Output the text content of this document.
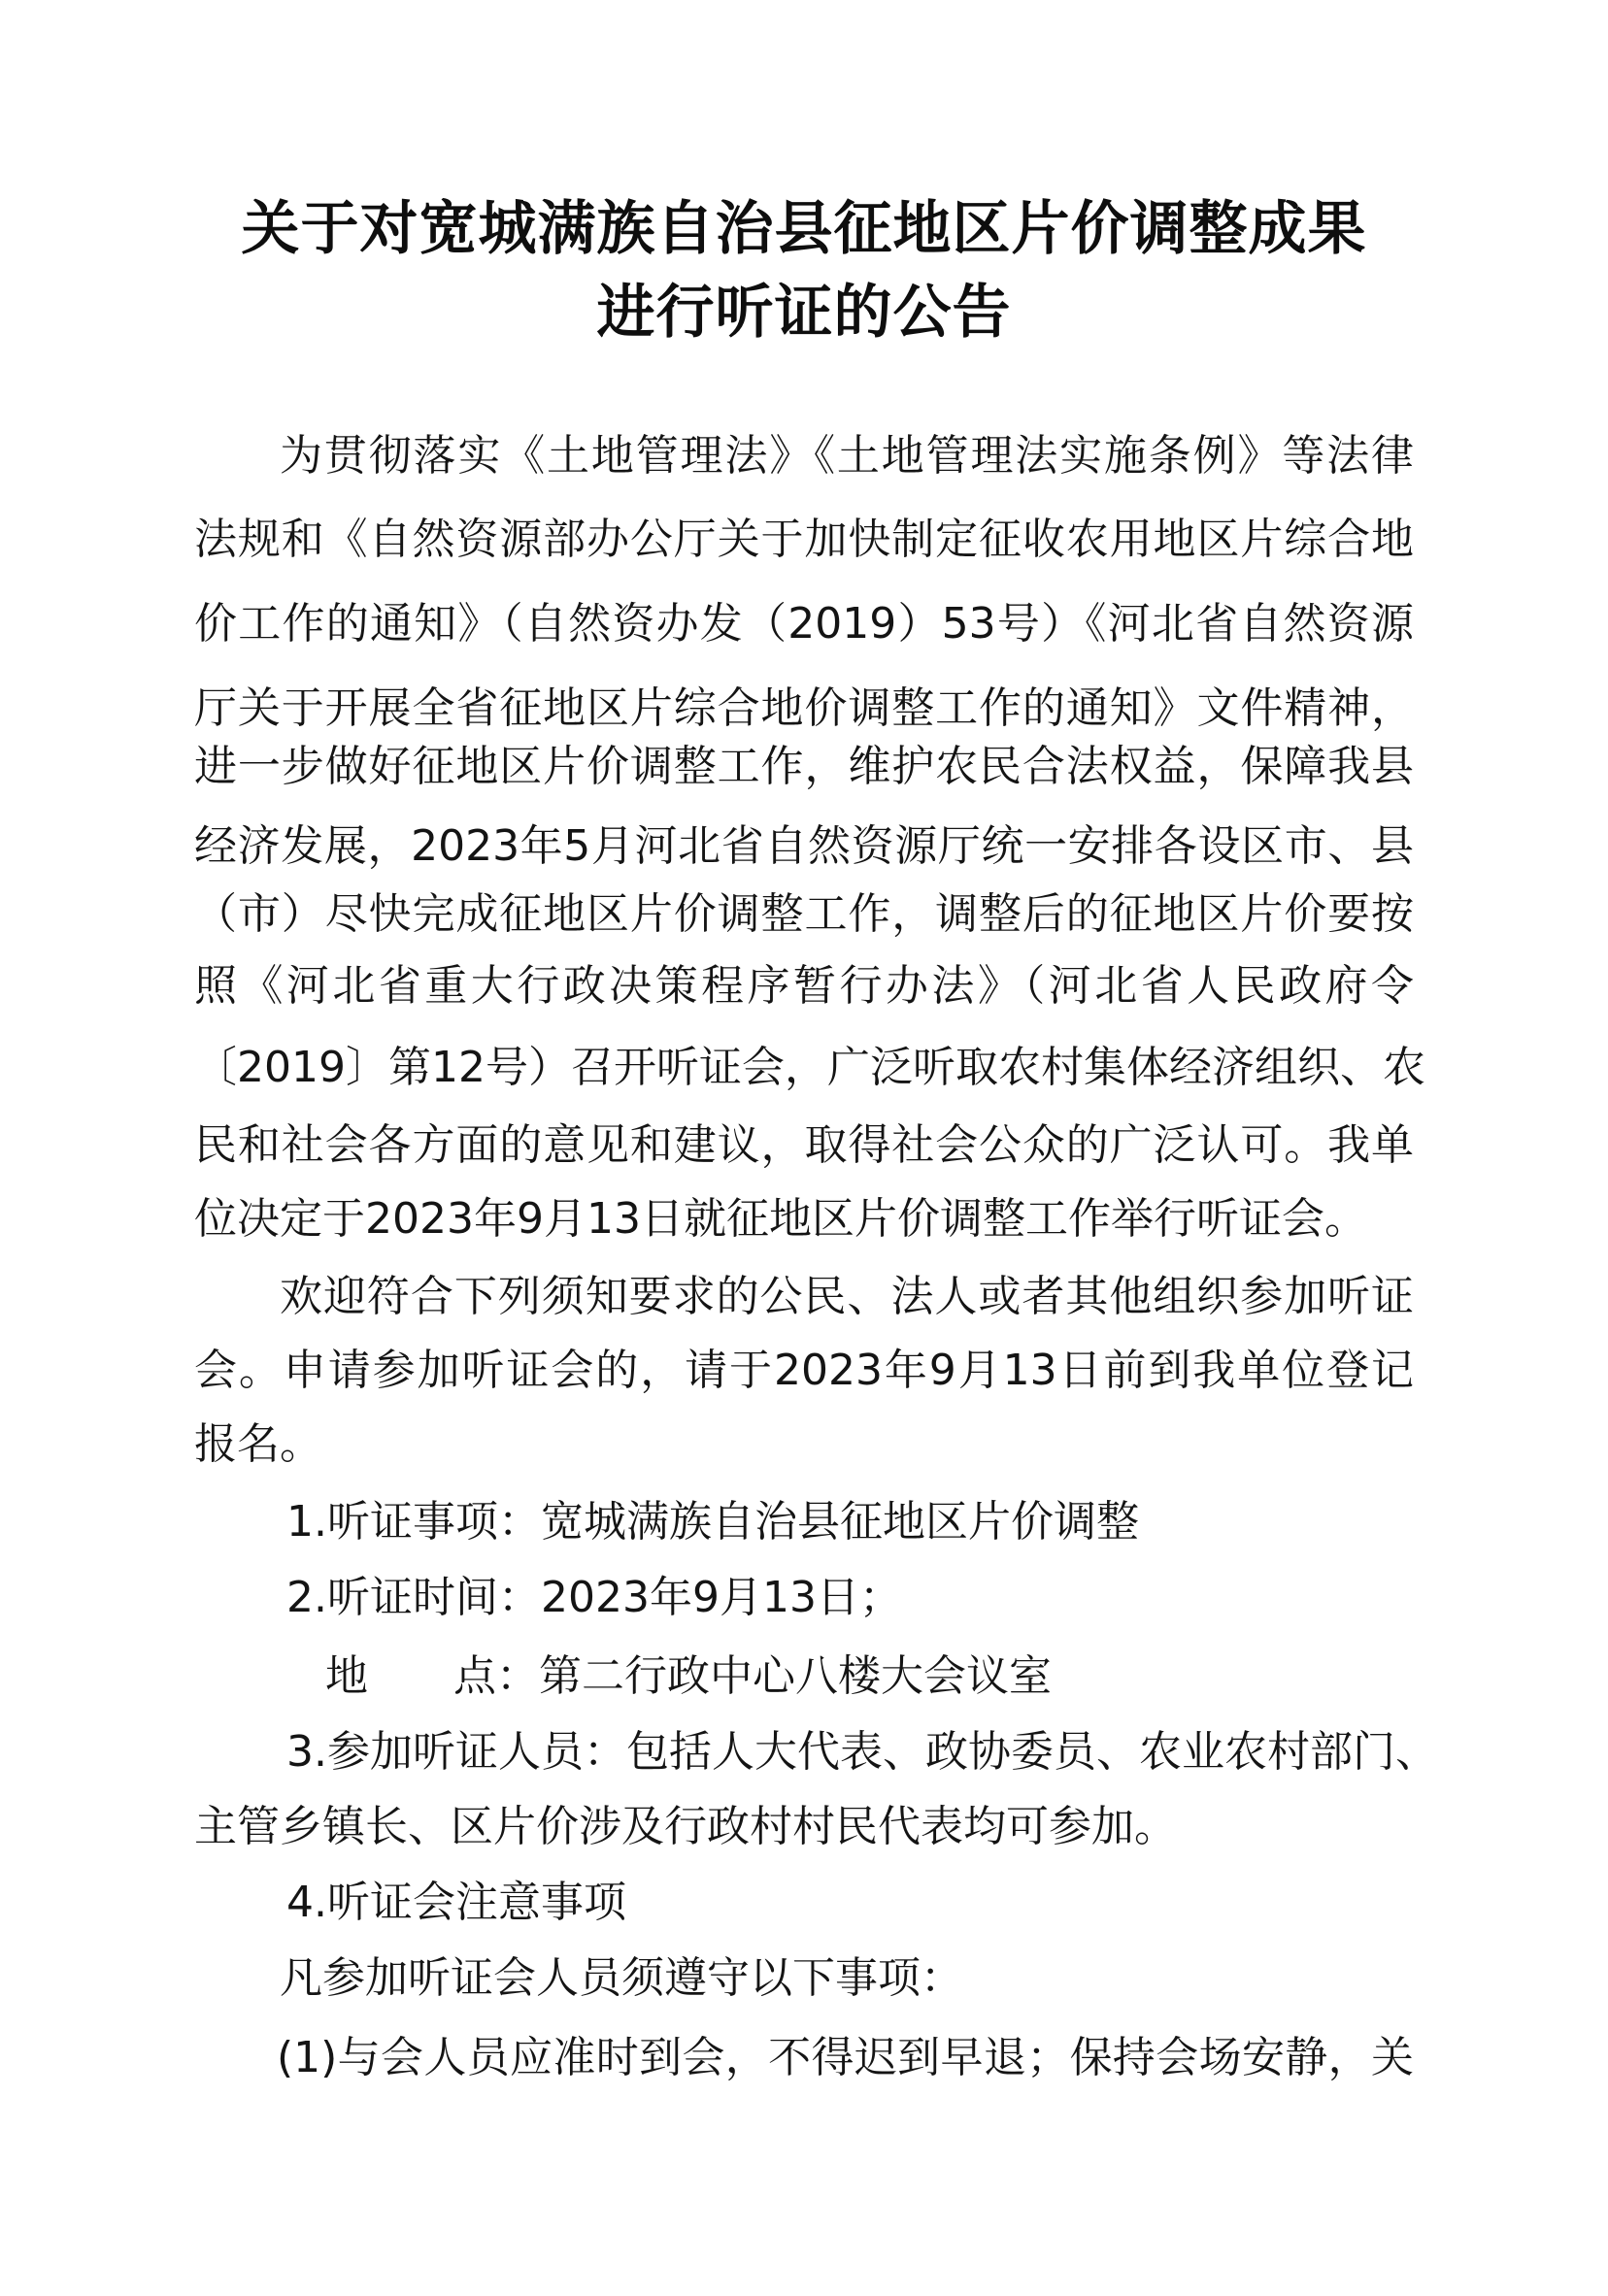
关于对宽城满族自治县征地区片价调整成果
进行听证的公告
为贯彻落实《土地管理法》《土地管理法实施条例》等法律
法规和《自然资源部办公厅关于加快制定征收农用地区片综合地
价工作的通知》（自然资办发（2019）53号）《河北省自然资源
厅关于开展全省征地区片综合地价调整工作的通知》文件精神，
进一步做好征地区片价调整工作，维护农民合法权益，保障我县
经济发展，2023年5月河北省自然资源厅统一安排各设区市、县
（市）尽快完成征地区片价调整工作，调整后的征地区片价要按
照《河北省重大行政决策程序暂行办法》（河北省人民政府令
〔2019〕第12号）召开听证会，广泛听取农村集体经济组织、农
民和社会各方面的意见和建议，取得社会公众的广泛认可。我单
位决定于2023年9月13日就征地区片价调整工作举行听证会。
欢迎符合下列须知要求的公民、法人或者其他组织参加听证
会。申请参加听证会的，请于2023年9月13日前到我单位登记
报名。
1.听证事项：宽城满族自治县征地区片价调整
2.听证时间：2023年9月13日；
地　　点：第二行政中心八楼大会议室
3.参加听证人员：包括人大代表、政协委员、农业农村部门、
主管乡镇长、区片价涉及行政村村民代表均可参加。
4.听证会注意事项
凡参加听证会人员须遵守以下事项：
(1)与会人员应准时到会，不得迟到早退；保持会场安静，关
